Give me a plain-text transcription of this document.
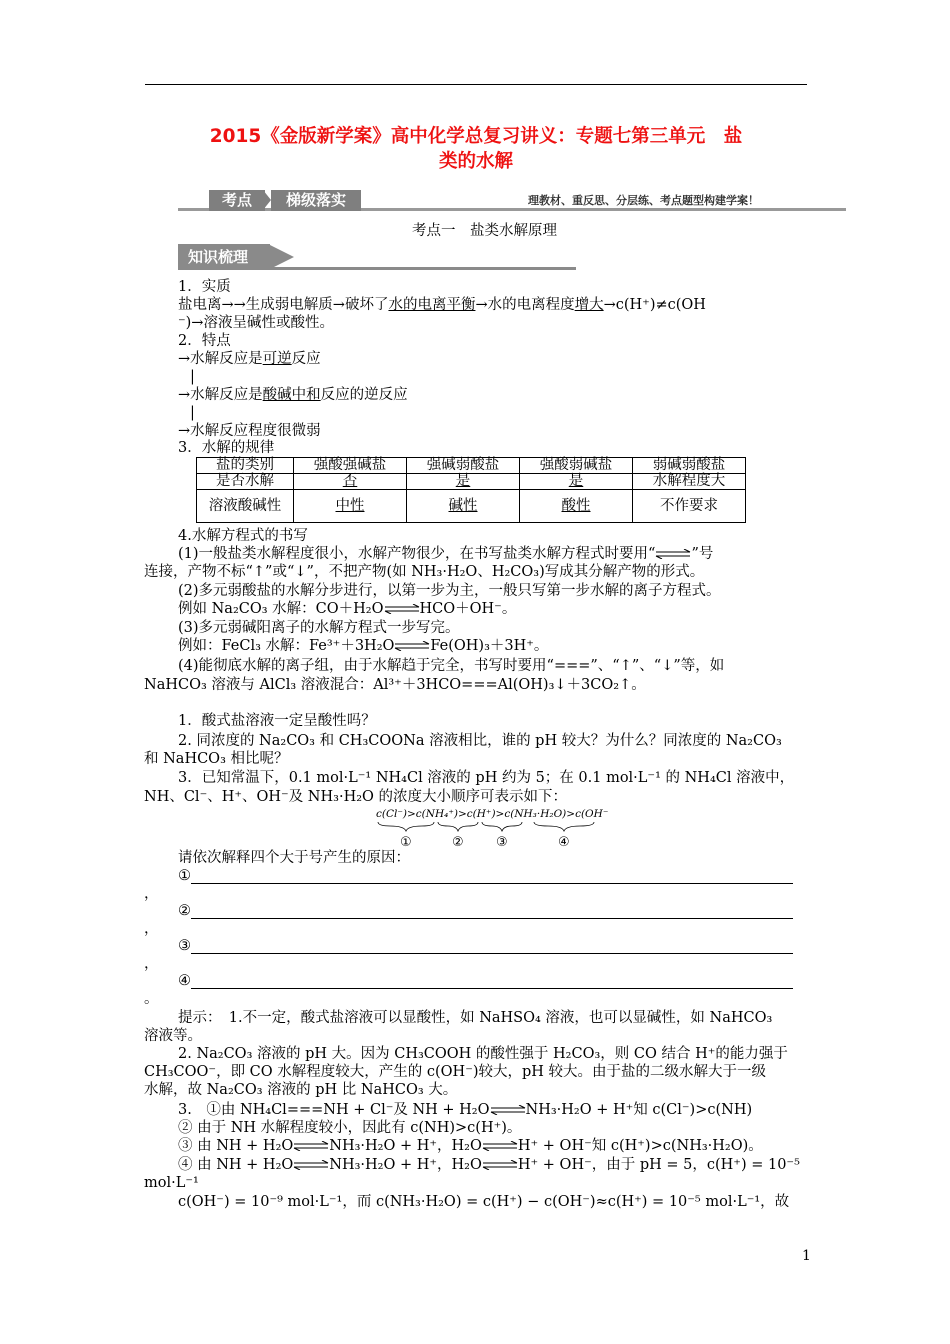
2015《金版新学案》高中化学总复习讲义：专题七第三单元　盐
类的水解
考点	梯级落实	理教材、重反思、分层练、考点题型构建学案！
考点一　盐类水解原理
知识梳理
1．实质
盐电离→→生成弱电解质→破坏了水的电离平衡→水的电离程度增大→c(H⁺)≠c(OH
⁻)→溶液呈碱性或酸性。
2．特点
→水解反应是可逆反应
|
→水解反应是酸碱中和反应的逆反应
|
→水解反应程度很微弱
3．水解的规律
盐的类别	强酸强碱盐	强碱弱酸盐	强酸弱碱盐	弱碱弱酸盐
是否水解	否	是	是	水解程度大
溶液酸碱性	中性	碱性	酸性	不作要求
4.水解方程式的书写
(1)一般盐类水解程度很小，水解产物很少，在书写盐类水解方程式时要用“ ”号
连接，产物不标“↑”或“↓”，不把产物(如 NH₃·H₂O、H₂CO₃)写成其分解产物的形式。
(2)多元弱酸盐的水解分步进行，以第一步为主，一般只写第一步水解的离子方程式。
例如 Na₂CO₃ 水解：CO＋H₂O HCO＋OH⁻。
(3)多元弱碱阳离子的水解方程式一步写完。
例如：FeCl₃ 水解：Fe³⁺＋3H₂O Fe(OH)₃＋3H⁺。
(4)能彻底水解的离子组，由于水解趋于完全，书写时要用“===”、“↑”、“↓”等，如
NaHCO₃ 溶液与 AlCl₃ 溶液混合：Al³⁺＋3HCO===Al(OH)₃↓＋3CO₂↑。
1．酸式盐溶液一定呈酸性吗？
2. 同浓度的 Na₂CO₃ 和 CH₃COONa 溶液相比，谁的 pH 较大？为什么？同浓度的 Na₂CO₃
和 NaHCO₃ 相比呢？
3．已知常温下，0.1 mol·L⁻¹ NH₄Cl 溶液的 pH 约为 5；在 0.1 mol·L⁻¹ 的 NH₄Cl 溶液中，
NH、Cl⁻、H⁺、OH⁻及 NH₃·H₂O 的浓度大小顺序可表示如下：
c(Cl⁻)>c(NH₄⁺)>c(H⁺)>c(NH₃·H₂O)>c(OH⁻)
①	② ③	④
请依次解释四个大于号产生的原因：
①
，
②
，
③
，
④
。
提示：　1.不一定，酸式盐溶液可以显酸性，如 NaHSO₄ 溶液，也可以显碱性，如 NaHCO₃
溶液等。
2. Na₂CO₃ 溶液的 pH 大。因为 CH₃COOH 的酸性强于 H₂CO₃，则 CO 结合 H⁺的能力强于
CH₃COO⁻，即 CO 水解程度较大，产生的 c(OH⁻)较大，pH 较大。由于盐的二级水解大于一级
水解，故 Na₂CO₃ 溶液的 pH 比 NaHCO₃ 大。
3.　①由 NH₄Cl===NH + Cl⁻及 NH + H₂O NH₃·H₂O + H⁺知 c(Cl⁻)>c(NH)
② 由于 NH 水解程度较小，因此有 c(NH)>c(H⁺)。
③ 由 NH + H₂O NH₃·H₂O + H⁺，H₂O H⁺ + OH⁻知 c(H⁺)>c(NH₃·H₂O)。
④ 由 NH + H₂O NH₃·H₂O + H⁺，H₂O H⁺ + OH⁻，由于 pH = 5，c(H⁺) = 10⁻⁵
mol·L⁻¹
c(OH⁻) = 10⁻⁹ mol·L⁻¹，而 c(NH₃·H₂O) = c(H⁺) − c(OH⁻)≈c(H⁺) = 10⁻⁵ mol·L⁻¹，故
1
